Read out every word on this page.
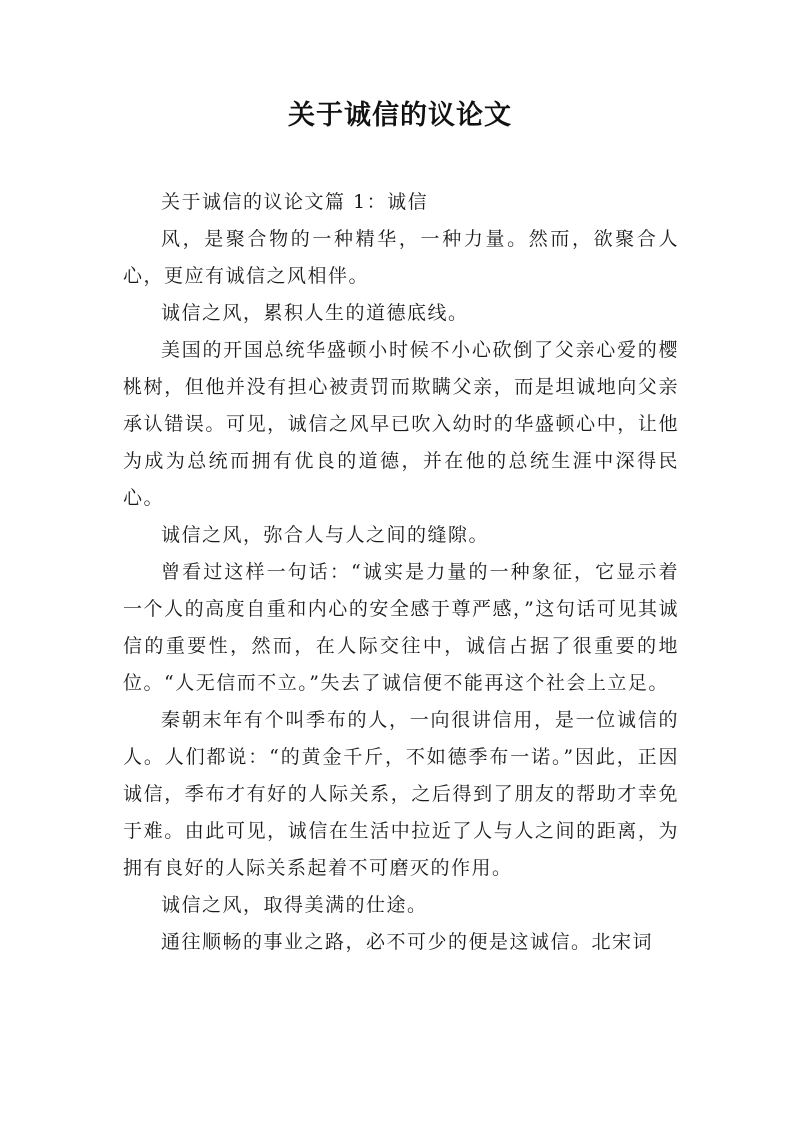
关于诚信的议论文

关于诚信的议论文篇 1：诚信

风，是聚合物的一种精华，一种力量。然而，欲聚合人心，更应有诚信之风相伴。

诚信之风，累积人生的道德底线。

美国的开国总统华盛顿小时候不小心砍倒了父亲心爱的樱桃树，但他并没有担心被责罚而欺瞒父亲，而是坦诚地向父亲承认错误。可见，诚信之风早已吹入幼时的华盛顿心中，让他为成为总统而拥有优良的道德，并在他的总统生涯中深得民心。

诚信之风，弥合人与人之间的缝隙。

曾看过这样一句话：“诚实是力量的一种象征，它显示着一个人的高度自重和内心的安全感于尊严感，”这句话可见其诚信的重要性，然而，在人际交往中，诚信占据了很重要的地位。“人无信而不立。”失去了诚信便不能再这个社会上立足。

秦朝末年有个叫季布的人，一向很讲信用，是一位诚信的人。人们都说：“的黄金千斤，不如德季布一诺。”因此，正因诚信，季布才有好的人际关系，之后得到了朋友的帮助才幸免于难。由此可见，诚信在生活中拉近了人与人之间的距离，为拥有良好的人际关系起着不可磨灭的作用。

诚信之风，取得美满的仕途。

通往顺畅的事业之路，必不可少的便是这诚信。北宋词
